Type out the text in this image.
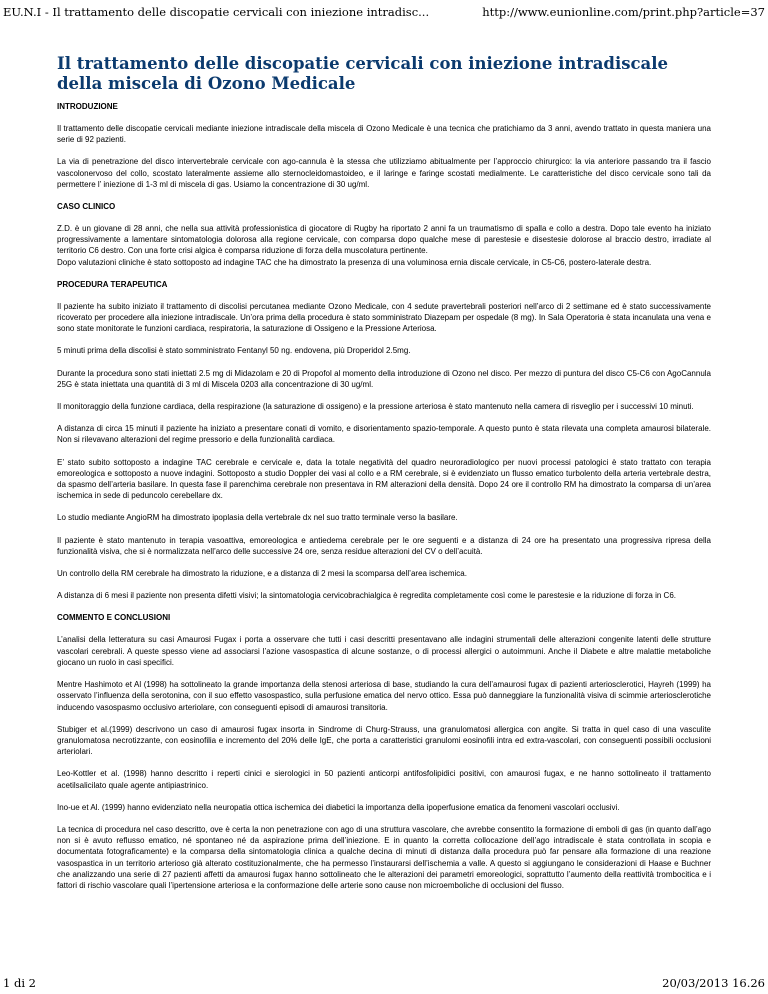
EU.N.I - Il trattamento delle discopatie cervicali con iniezione intradisc...	http://www.eunionline.com/print.php?article=37
Il trattamento delle discopatie cervicali con iniezione intradiscale della miscela di Ozono Medicale
INTRODUZIONE

Il trattamento delle discopatie cervicali mediante iniezione intradiscale della miscela di Ozono Medicale è una tecnica che pratichiamo da 3 anni, avendo trattato in questa maniera una serie di 92 pazienti.

La via di penetrazione del disco intervertebrale cervicale con ago-cannula è la stessa che utilizziamo abitualmente per l’approccio chirurgico: la via anteriore passando tra il fascio vascolonervoso del collo, scostato lateralmente assieme allo sternocleidomastoideo, e il laringe e faringe scostati medialmente. Le caratteristiche del disco cervicale sono tali da permettere l’ iniezione di 1-3 ml di miscela di gas. Usiamo la concentrazione di 30 ug/ml.

CASO CLINICO

Z.D. è un giovane di 28 anni, che nella sua attività professionistica di giocatore di Rugby ha riportato 2 anni fa un traumatismo di spalla e collo a destra. Dopo tale evento ha iniziato progressivamente a lamentare sintomatologia dolorosa alla regione cervicale, con comparsa dopo qualche mese di parestesie e disestesie dolorose al braccio destro, irradiate al territorio C6 destro. Con una forte crisi algica è comparsa riduzione di forza della muscolatura pertinente.
Dopo valutazioni cliniche è stato sottoposto ad indagine TAC che ha dimostrato la presenza di una voluminosa ernia discale cervicale, in C5-C6, postero-laterale destra.

PROCEDURA TERAPEUTICA

Il paziente ha subito iniziato il trattamento di discolisi percutanea mediante Ozono Medicale, con 4 sedute pravertebrali posteriori nell’arco di 2 settimane ed è stato successivamente ricoverato per procedere alla iniezione intradiscale. Un’ora prima della procedura è stato somministrato Diazepam per ospedale (8 mg). In Sala Operatoria è stata incanulata una vena e sono state monitorate le funzioni cardiaca, respiratoria, la saturazione di Ossigeno e la Pressione Arteriosa.

5 minuti prima della discolisi è stato somministrato Fentanyl 50 ng. endovena, più Droperidol 2.5mg.

Durante la procedura sono stati iniettati 2.5 mg di Midazolam e 20 di Propofol al momento della introduzione di Ozono nel disco. Per mezzo di puntura del disco C5-C6 con AgoCannula 25G è stata iniettata una quantità di 3 ml di Miscela 0203 alla concentrazione di 30 ug/ml.

Il monitoraggio della funzione cardiaca, della respirazione (la saturazione di ossigeno) e la pressione arteriosa è stato mantenuto nella camera di risveglio per i successivi 10 minuti.

A distanza di circa 15 minuti il paziente ha iniziato a presentare conati di vomito, e disorientamento spazio-temporale. A questo punto è stata rilevata una completa amaurosi bilaterale. Non si rilevavano alterazioni del regime pressorio e della funzionalità cardiaca.

E’ stato subito sottoposto a indagine TAC cerebrale e cervicale e, data la totale negatività del quadro neuroradiologico per nuovi processi patologici è stato trattato con terapia emoreologica e sottoposto a nuove indagini. Sottoposto a studio Doppler dei vasi al collo e a RM cerebrale, si è evidenziato un flusso ematico turbolento della arteria vertebrale destra, da spasmo dell’arteria basilare. In questa fase il parenchima cerebrale non presentava in RM alterazioni della densità. Dopo 24 ore il controllo RM ha dimostrato la comparsa di un’area ischemica in sede di peduncolo cerebellare dx.

Lo studio mediante AngioRM ha dimostrato ipoplasia della vertebrale dx nel suo tratto terminale verso la basilare.

Il paziente è stato mantenuto in terapia vasoattiva, emoreologica e antiedema cerebrale per le ore seguenti e a distanza di 24 ore ha presentato una progressiva ripresa della funzionalità visiva, che si è normalizzata nell’arco delle successive 24 ore, senza residue alterazioni del CV o dell’acuità.

Un controllo della RM cerebrale ha dimostrato la riduzione, e a distanza di 2 mesi la scomparsa dell’area ischemica.

A distanza di 6 mesi il paziente non presenta difetti visivi; la sintomatologia cervicobrachialgica è regredita completamente così come le parestesie e la riduzione di forza in C6.

COMMENTO E CONCLUSIONI

L’analisi della letteratura su casi Amaurosi Fugax i porta a osservare che tutti i casi descritti presentavano alle indagini strumentali delle alterazioni congenite latenti delle strutture vascolari cerebrali. A queste spesso viene ad associarsi l’azione vasospastica di alcune sostanze, o di processi allergici o autoimmuni. Anche il Diabete e altre malattie metaboliche giocano un ruolo in casi specifici.

Mentre Hashimoto et Al (1998) ha sottolineato la grande importanza della stenosi arteriosa di base, studiando la cura dell’amaurosi fugax di pazienti arteriosclerotici, Hayreh (1999) ha osservato l’influenza della serotonina, con il suo effetto vasospastico, sulla perfusione ematica del nervo ottico. Essa può danneggiare la funzionalità visiva di scimmie arteriosclerotiche inducendo vasospasmo occlusivo arteriolare, con conseguenti episodi di amaurosi transitoria.

Stubiger et al.(1999) descrivono un caso di amaurosi fugax insorta in Sindrome di Churg-Strauss, una granulomatosi allergica con angite. Si tratta in quel caso di una vasculite granulomatosa necrotizzante, con eosinofilia e incremento del 20% delle IgE, che porta a caratteristici granulomi eosinofili intra ed extra-vascolari, con conseguenti possibili occlusioni arteriolari.

Leo-Kottler et al. (1998) hanno descritto i reperti cinici e sierologici in 50 pazienti anticorpi antifosfolipidici positivi, con amaurosi fugax, e ne hanno sottolineato il trattamento acetilsalicilato quale agente antipiastrinico.

Ino-ue et Al. (1999) hanno evidenziato nella neuropatia ottica ischemica dei diabetici la importanza della ipoperfusione ematica da fenomeni vascolari occlusivi.

La tecnica di procedura nel caso descritto, ove è certa la non penetrazione con ago di una struttura vascolare, che avrebbe consentito la formazione di emboli di gas (in quanto dall’ago non si è avuto reflusso ematico, né spontaneo né da aspirazione prima dell’iniezione. E in quanto la corretta collocazione dell’ago intradiscale è stata controllata in scopia e documentata fotograficamente) e la comparsa della sintomatologia clinica a qualche decina di minuti di distanza dalla procedura può far pensare alla formazione di una reazione vasospastica in un territorio arterioso già alterato costituzionalmente, che ha permesso l’instaurarsi dell’ischemia a valle. A questo si aggiungano le considerazioni di Haase e Buchner che analizzando una serie di 27 pazienti affetti da amaurosi fugax hanno sottolineato che le alterazioni dei parametri emoreologici, soprattutto l’aumento della reattività trombocitica e i fattori di rischio vascolare quali l’ipertensione arteriosa e la conformazione delle arterie sono cause non microemboliche di occlusioni del flusso.

1 di 2	20/03/2013 16.26
